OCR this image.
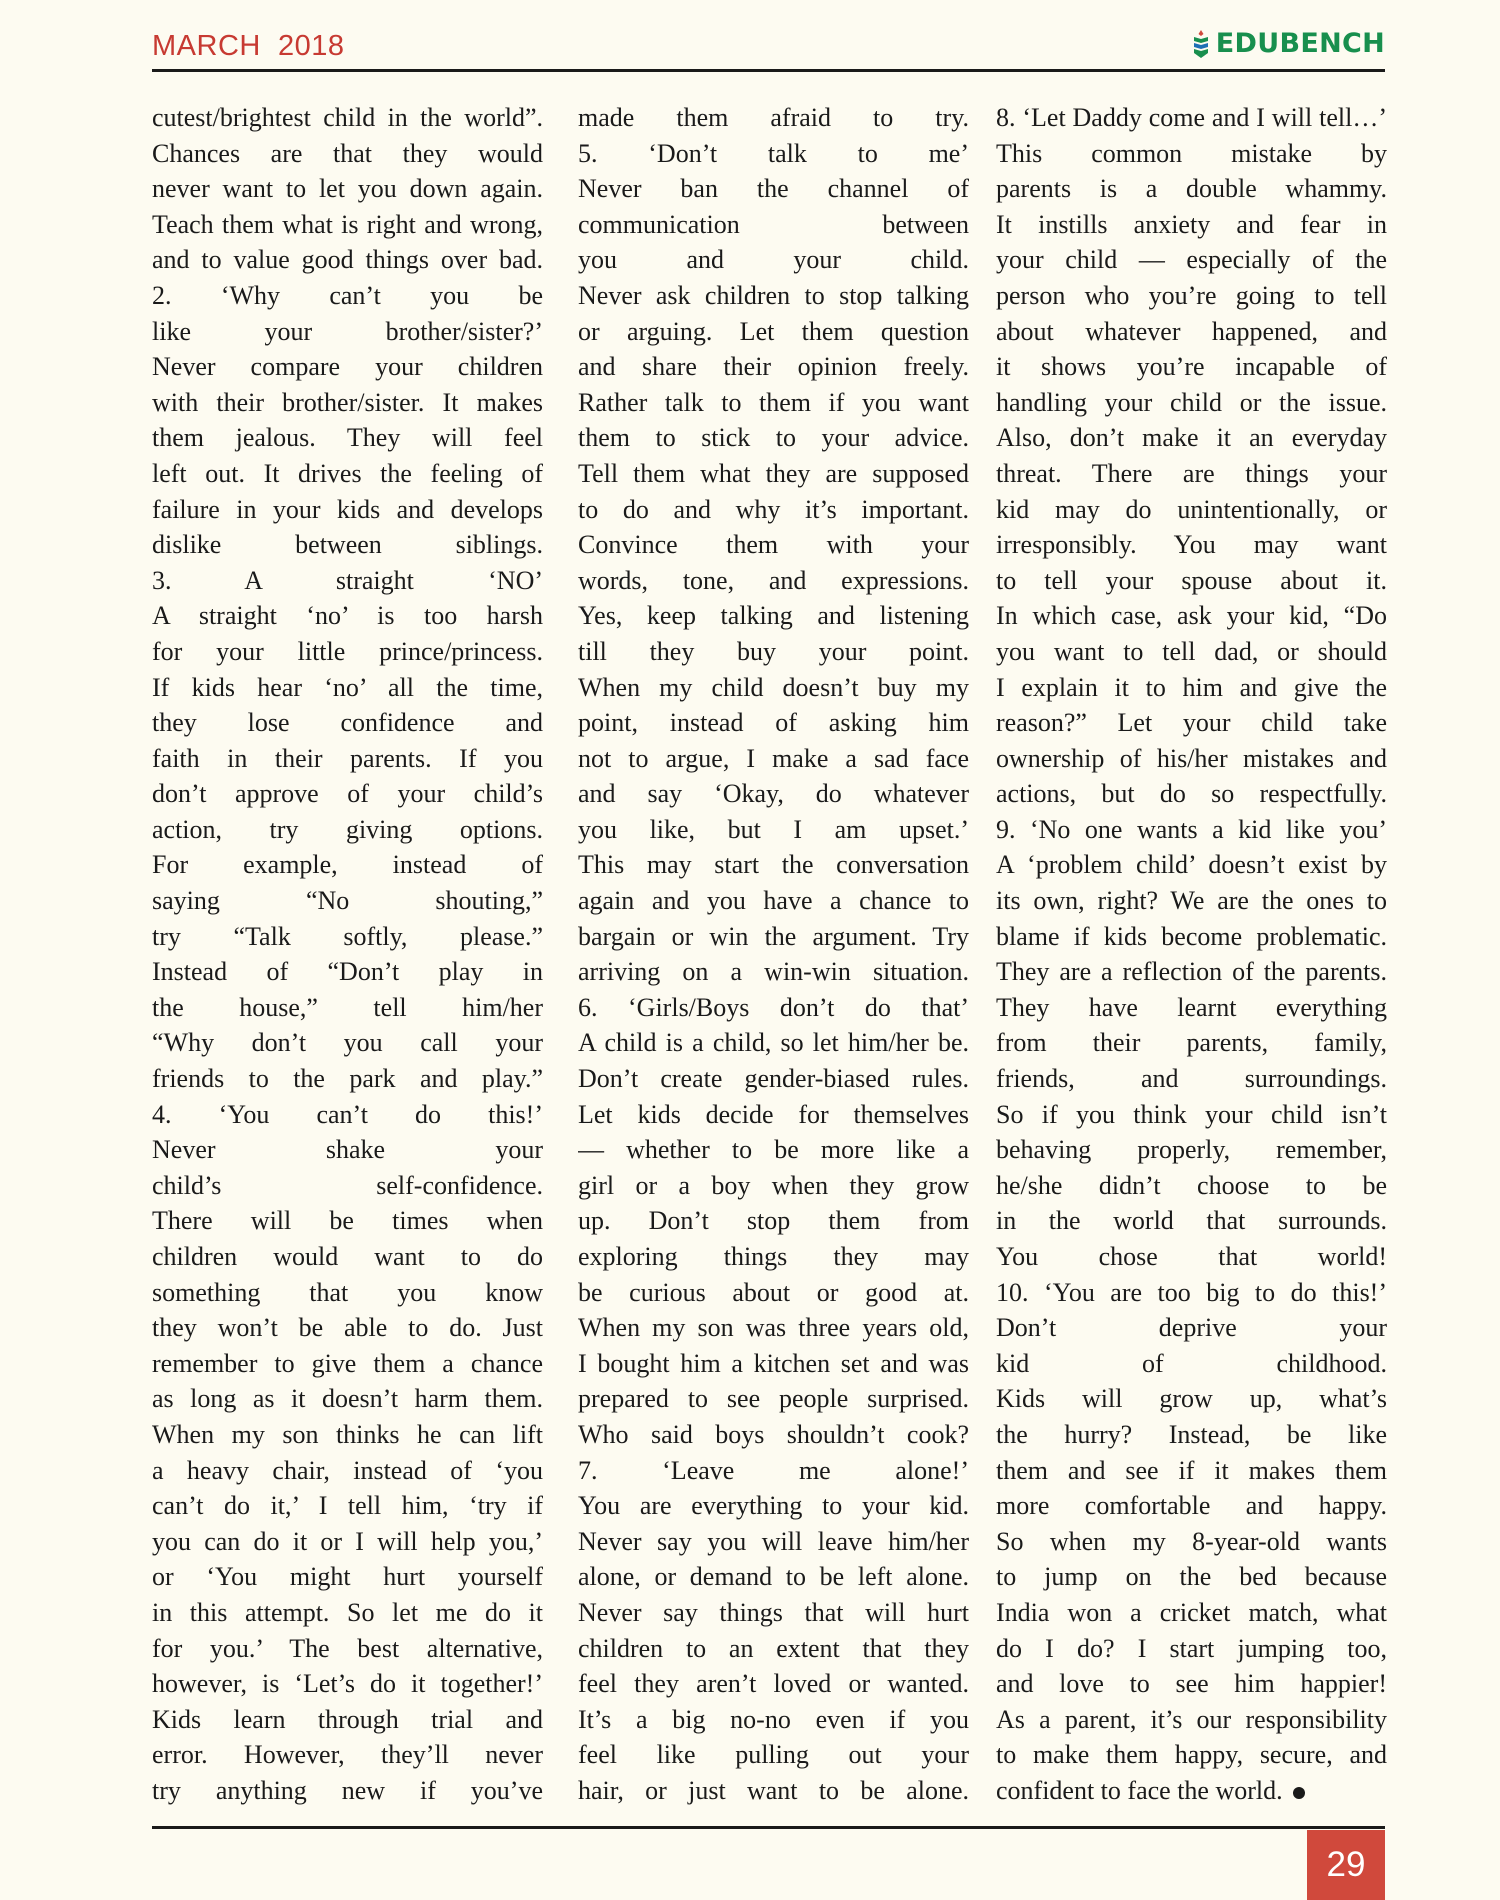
MARCH  2018	EDUBENCH
cutest/brightest child in the world”.
Chances are that they would
never want to let you down again.
Teach them what is right and wrong,
and to value good things over bad.
2. ‘Why can’t you be
like your brother/sister?’
Never compare your children
with their brother/sister. It makes
them jealous. They will feel
left out. It drives the feeling of
failure in your kids and develops
dislike between siblings.
3. A straight ‘NO’
A straight ‘no’ is too harsh
for your little prince/princess.
If kids hear ‘no’ all the time,
they lose confidence and
faith in their parents. If you
don’t approve of your child’s
action, try giving options.
For example, instead of
saying “No shouting,”
try “Talk softly, please.”
Instead of “Don’t play in
the house,” tell him/her
“Why don’t you call your
friends to the park and play.”
4. ‘You can’t do this!’
Never shake your
child’s self-confidence.
There will be times when
children would want to do
something that you know
they won’t be able to do. Just
remember to give them a chance
as long as it doesn’t harm them.
When my son thinks he can lift
a heavy chair, instead of ‘you
can’t do it,’ I tell him, ‘try if
you can do it or I will help you,’
or ‘You might hurt yourself
in this attempt. So let me do it
for you.’ The best alternative,
however, is ‘Let’s do it together!’
Kids learn through trial and
error. However, they’ll never
try anything new if you’ve
made them afraid to try.
5. ‘Don’t talk to me’
Never ban the channel of
communication between
you and your child.
Never ask children to stop talking
or arguing. Let them question
and share their opinion freely.
Rather talk to them if you want
them to stick to your advice.
Tell them what they are supposed
to do and why it’s important.
Convince them with your
words, tone, and expressions.
Yes, keep talking and listening
till they buy your point.
When my child doesn’t buy my
point, instead of asking him
not to argue, I make a sad face
and say ‘Okay, do whatever
you like, but I am upset.’
This may start the conversation
again and you have a chance to
bargain or win the argument. Try
arriving on a win-win situation.
6. ‘Girls/Boys don’t do that’
A child is a child, so let him/her be.
Don’t create gender-biased rules.
Let kids decide for themselves
— whether to be more like a
girl or a boy when they grow
up. Don’t stop them from
exploring things they may
be curious about or good at.
When my son was three years old,
I bought him a kitchen set and was
prepared to see people surprised.
Who said boys shouldn’t cook?
7. ‘Leave me alone!’
You are everything to your kid.
Never say you will leave him/her
alone, or demand to be left alone.
Never say things that will hurt
children to an extent that they
feel they aren’t loved or wanted.
It’s a big no-no even if you
feel like pulling out your
hair, or just want to be alone.
8. ‘Let Daddy come and I will tell…’
This common mistake by
parents is a double whammy.
It instills anxiety and fear in
your child — especially of the
person who you’re going to tell
about whatever happened, and
it shows you’re incapable of
handling your child or the issue.
Also, don’t make it an everyday
threat. There are things your
kid may do unintentionally, or
irresponsibly. You may want
to tell your spouse about it.
In which case, ask your kid, “Do
you want to tell dad, or should
I explain it to him and give the
reason?” Let your child take
ownership of his/her mistakes and
actions, but do so respectfully.
9. ‘No one wants a kid like you’
A ‘problem child’ doesn’t exist by
its own, right? We are the ones to
blame if kids become problematic.
They are a reflection of the parents.
They have learnt everything
from their parents, family,
friends, and surroundings.
So if you think your child isn’t
behaving properly, remember,
he/she didn’t choose to be
in the world that surrounds.
You chose that world!
10. ‘You are too big to do this!’
Don’t deprive your
kid of childhood.
Kids will grow up, what’s
the hurry? Instead, be like
them and see if it makes them
more comfortable and happy.
So when my 8-year-old wants
to jump on the bed because
India won a cricket match, what
do I do? I start jumping too,
and love to see him happier!
As a parent, it’s our responsibility
to make them happy, secure, and
confident to face the world.
29
